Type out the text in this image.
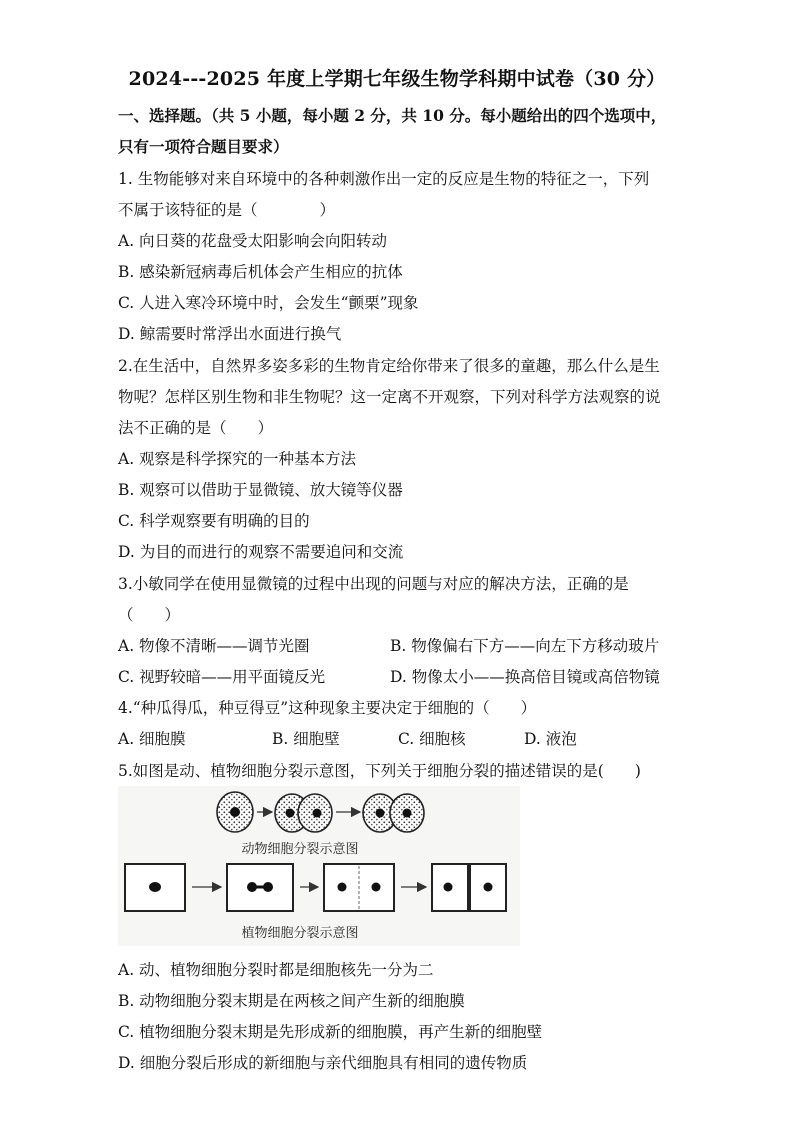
2024---2025 年度上学期七年级生物学科期中试卷（30 分）
一、选择题。（共 5 小题，每小题 2 分，共 10 分。每小题给出的四个选项中，
只有一项符合题目要求）
1. 生物能够对来自环境中的各种刺激作出一定的反应是生物的特征之一，下列
不属于该特征的是（　　　　）
A. 向日葵的花盘受太阳影响会向阳转动
B. 感染新冠病毒后机体会产生相应的抗体
C. 人进入寒冷环境中时，会发生“颤栗”现象
D. 鲸需要时常浮出水面进行换气
2.在生活中，自然界多姿多彩的生物肯定给你带来了很多的童趣，那么什么是生
物呢？怎样区别生物和非生物呢？这一定离不开观察，下列对科学方法观察的说
法不正确的是（　　）
A. 观察是科学探究的一种基本方法
B. 观察可以借助于显微镜、放大镜等仪器
C. 科学观察要有明确的目的
D. 为目的而进行的观察不需要追问和交流
3.小敏同学在使用显微镜的过程中出现的问题与对应的解决方法，正确的是
（　　）
A. 物像不清晰——调节光圈	B. 物像偏右下方——向左下方移动玻片
C. 视野较暗——用平面镜反光	D. 物像太小——换高倍目镜或高倍物镜
4.“种瓜得瓜，种豆得豆”这种现象主要决定于细胞的（　　）
A. 细胞膜	B. 细胞壁	C. 细胞核	D. 液泡
5.如图是动、植物细胞分裂示意图，下列关于细胞分裂的描述错误的是(　　)
动物细胞分裂示意图
植物细胞分裂示意图
A. 动、植物细胞分裂时都是细胞核先一分为二
B. 动物细胞分裂末期是在两核之间产生新的细胞膜
C. 植物细胞分裂末期是先形成新的细胞膜，再产生新的细胞壁
D. 细胞分裂后形成的新细胞与亲代细胞具有相同的遗传物质
